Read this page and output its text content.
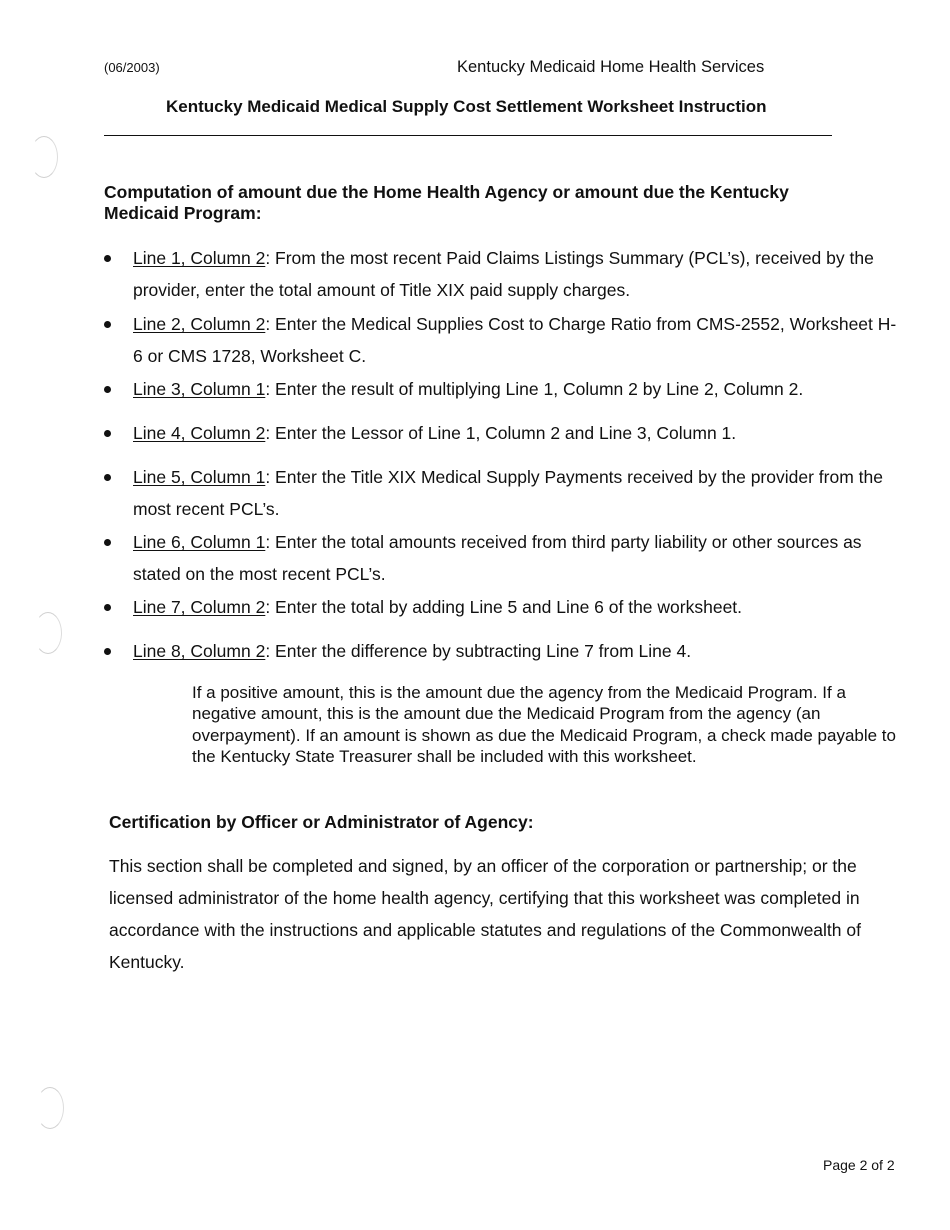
(06/2003)	Kentucky Medicaid Home Health Services
Kentucky Medicaid Medical Supply Cost Settlement Worksheet Instruction
Computation of amount due the Home Health Agency or amount due the Kentucky Medicaid Program:
Line 1, Column 2: From the most recent Paid Claims Listings Summary (PCL’s), received by the provider, enter the total amount of Title XIX paid supply charges.
Line 2, Column 2: Enter the Medical Supplies Cost to Charge Ratio from CMS-2552, Worksheet H-6 or CMS 1728, Worksheet C.
Line 3, Column 1: Enter the result of multiplying Line 1, Column 2 by Line 2, Column 2.
Line 4, Column 2: Enter the Lessor of Line 1, Column 2 and Line 3, Column 1.
Line 5, Column 1: Enter the Title XIX Medical Supply Payments received by the provider from the most recent PCL’s.
Line 6, Column 1: Enter the total amounts received from third party liability or other sources as stated on the most recent PCL’s.
Line 7, Column 2: Enter the total by adding Line 5 and Line 6 of the worksheet.
Line 8, Column 2: Enter the difference by subtracting Line 7 from Line 4.
If a positive amount, this is the amount due the agency from the Medicaid Program. If a negative amount, this is the amount due the Medicaid Program from the agency (an overpayment). If an amount is shown as due the Medicaid Program, a check made payable to the Kentucky State Treasurer shall be included with this worksheet.
Certification by Officer or Administrator of Agency:
This section shall be completed and signed, by an officer of the corporation or partnership; or the licensed administrator of the home health agency, certifying that this worksheet was completed in accordance with the instructions and applicable statutes and regulations of the Commonwealth of Kentucky.
Page 2 of 2
